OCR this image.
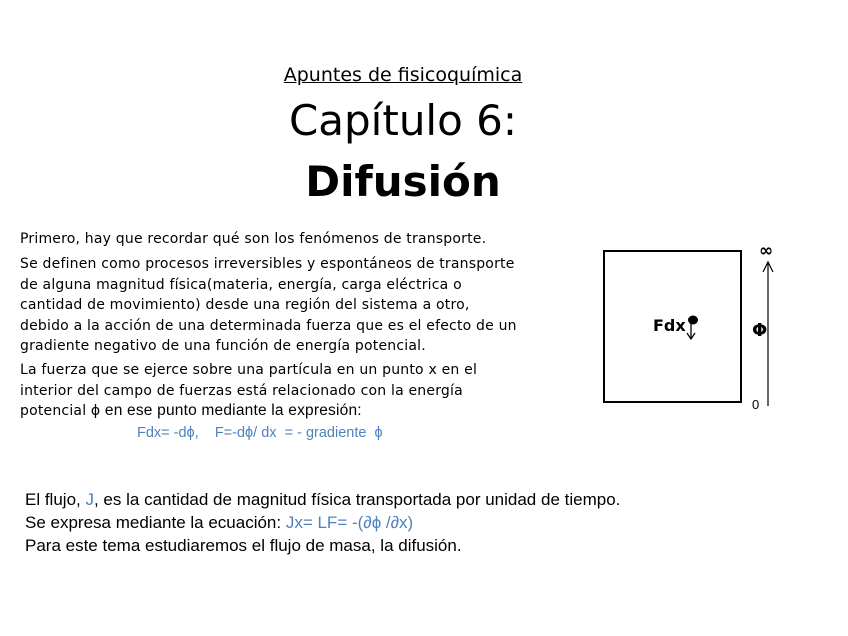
Apuntes de fisicoquímica
Capítulo 6:
Difusión
Primero, hay que recordar qué son los fenómenos de transporte.
Se definen como procesos irreversibles y espontáneos de transporte
de alguna magnitud física(materia, energía, carga eléctrica o
cantidad de movimiento) desde una región del sistema a otro,
debido a la acción de una determinada fuerza que es el efecto de un
gradiente negativo de una función de energía potencial.
La fuerza que se ejerce sobre una partícula en un punto x en el
interior del campo de fuerzas está relacionado con la energía
potencial ϕ en ese punto mediante la expresión:
Fdx= -dϕ,    F=-dϕ/ dx  = - gradiente  ϕ
El flujo, J, es la cantidad de magnitud física transportada por unidad de tiempo.
Se expresa mediante la ecuación: Jx= LF= -(∂ϕ /∂x)
Para este tema estudiaremos el flujo de masa, la difusión.
Fdx	Φ
∞
0
